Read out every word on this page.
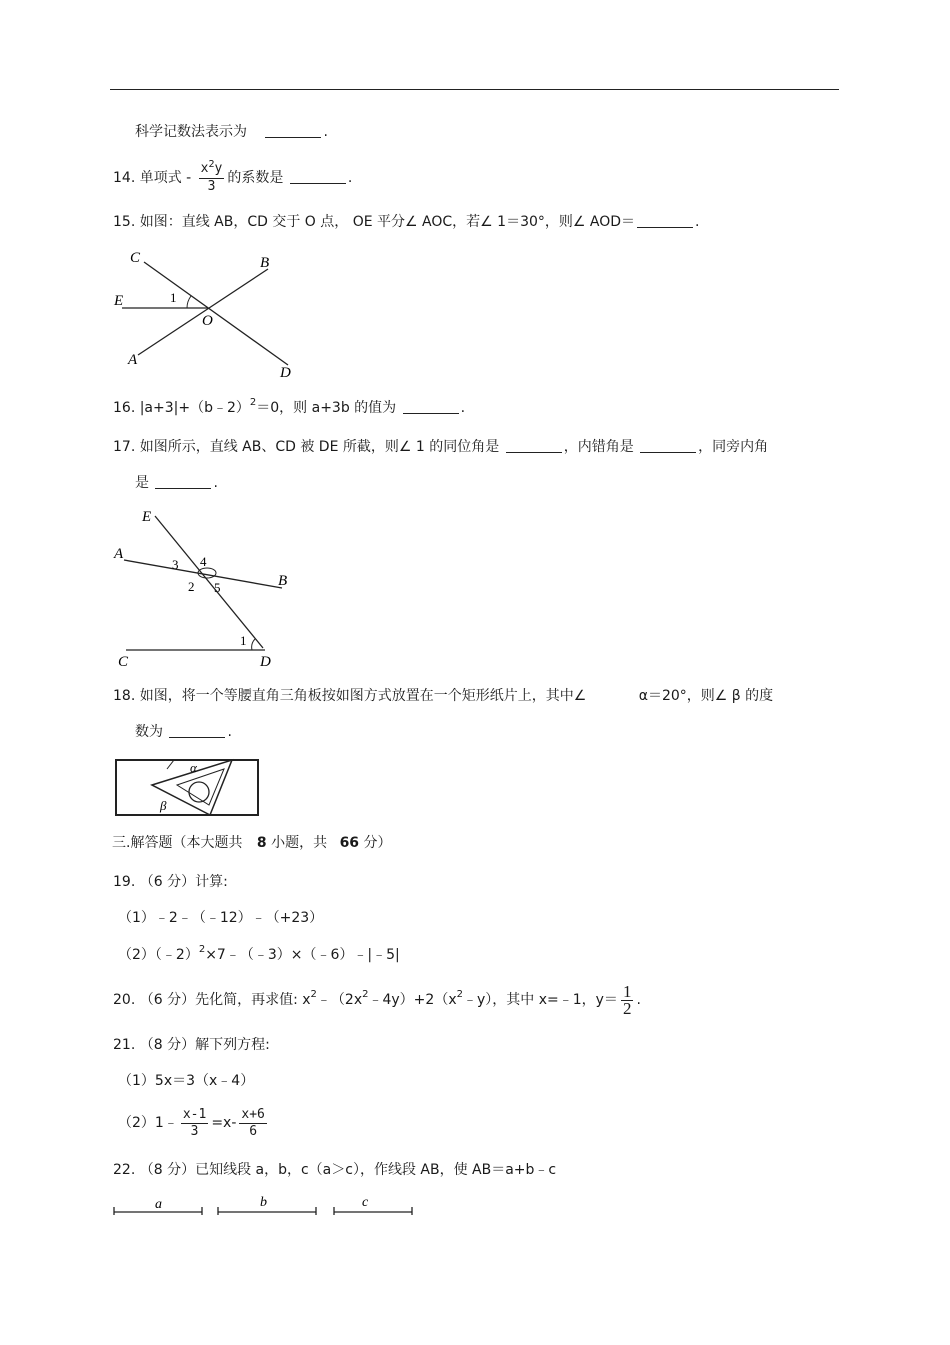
科学记数法表示为	.
14. 单项式 - $\frac{x^2y}{3}$ 的系数是	.
15. 如图：直线 AB，CD 交于 O 点， OE 平分∠ AOC，若∠ 1＝30°，则∠ AOD＝	.
C	B
E	1
O
A
D
16. |a+3|+（b﹣2）$^2$＝0，则 a+3b 的值为	.
17. 如图所示，直线 AB、CD 被 DE 所截，则∠ 1 的同位角是	，内错角是	，同旁内角
是	.
E
A
3 4
B
2 5
1
C	D
18. 如图，将一个等腰直角三角板按如图方式放置在一个矩形纸片上，其中∠	α＝20°，则∠ β 的度
数为	.
α
β
三.解答题（本大题共 8 小题，共 66 分）
19. （6 分）计算:
（1）﹣2﹣（﹣12）﹣（+23）
（2）（﹣2）$^2$×7﹣（﹣3）×（﹣6）﹣|﹣5|
20. （6 分）先化简，再求值: $x^2﹣(2x^2﹣4y)+2(x^2﹣y)$，其中 x=﹣1，$y= \frac{1}{2}$ .
21. （8 分）解下列方程:
（1）5x＝3（x﹣4）
（2）1﹣ $\frac{x-1}{3} =x- \frac{x+6}{6}$
22. （8 分）已知线段 a，b，c（a＞c），作线段 AB，使 AB＝a+b﹣c
a	b	c
